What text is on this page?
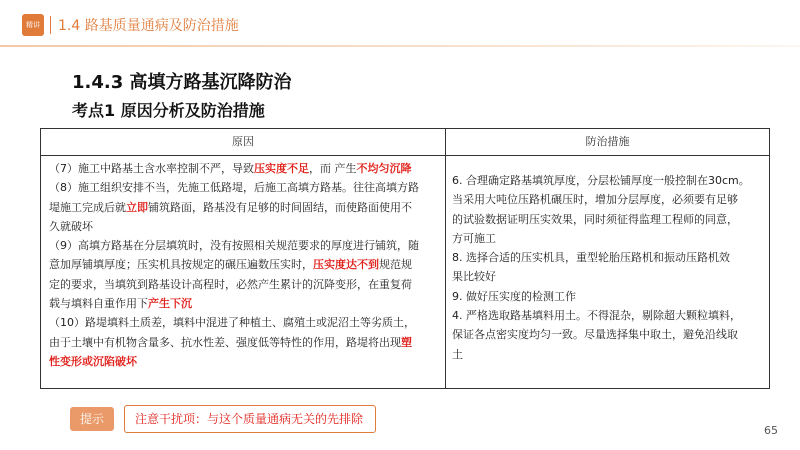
精讲 1.4 路基质量通病及防治措施
1.4.3 高填方路基沉降防治
考点1 原因分析及防治措施
原因	防治措施
（7）施工中路基土含水率控制不严，导致压实度不足，而 产生不均匀沉降
（8）施工组织安排不当，先施工低路堤，后施工高填方路基。往往高填方路
堤施工完成后就立即铺筑路面，路基没有足够的时间固结，而使路面使用不
久就破坏
（9）高填方路基在分层填筑时，没有按照相关规范要求的厚度进行铺筑，随
意加厚铺填厚度；压实机具按规定的碾压遍数压实时，压实度达不到规范规
定的要求，当填筑到路基设计高程时，必然产生累计的沉降变形，在重复荷
载与填料自重作用下产生下沉
（10）路堤填料土质差，填料中混进了种植土、腐殖土或泥沼土等劣质土，
由于土壤中有机物含量多、抗水性差、强度低等特性的作用，路堤将出现塑
性变形或沉陷破坏
6. 合理确定路基填筑厚度，分层松铺厚度一般控制在30cm。
当采用大吨位压路机碾压时，增加分层厚度，必须要有足够
的试验数据证明压实效果，同时须征得监理工程师的同意，
方可施工
8. 选择合适的压实机具，重型轮胎压路机和振动压路机效
果比较好
9. 做好压实度的检测工作
4. 严格选取路基填料用土。不得混杂，剔除超大颗粒填料，
保证各点密实度均匀一致。尽量选择集中取土，避免沿线取
土
提示	注意干扰项：与这个质量通病无关的先排除
65
